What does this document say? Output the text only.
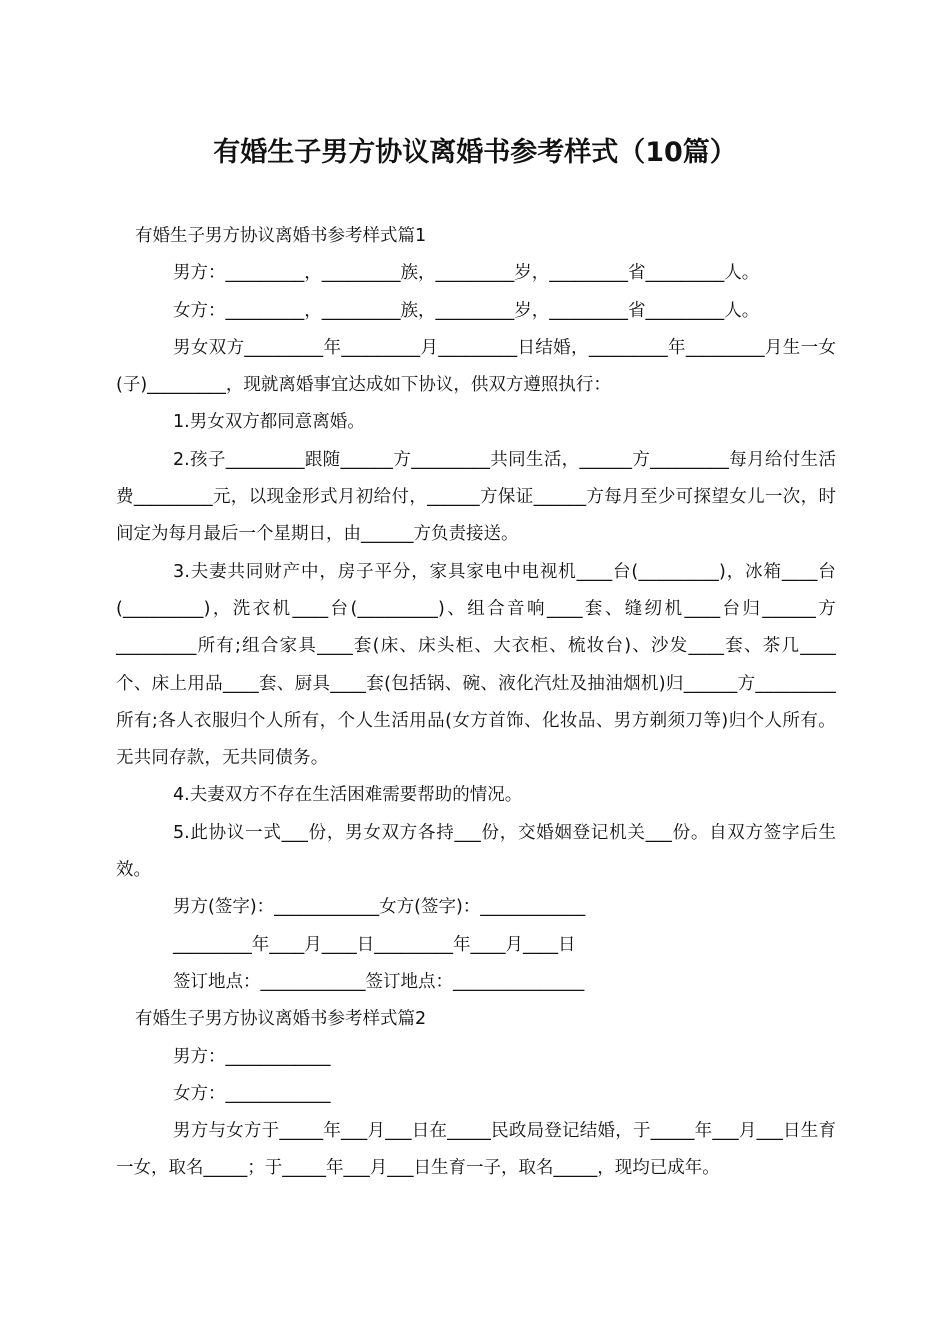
有婚生子男方协议离婚书参考样式（10篇）

有婚生子男方协议离婚书参考样式篇1

男方：_________，_________族，_________岁，_________省_________人。

女方：_________，_________族，_________岁，_________省_________人。

男女双方_________年_________月_________日结婚，_________年_________月生一女(子)_________，现就离婚事宜达成如下协议，供双方遵照执行：

1.男女双方都同意离婚。

2.孩子_________跟随______方_________共同生活，______方_________每月给付生活费_________元，以现金形式月初给付，______方保证______方每月至少可探望女儿一次，时间定为每月最后一个星期日，由______方负责接送。

3.夫妻共同财产中，房子平分，家具家电中电视机____台(_________)，冰箱____台(_________)，洗衣机____台(_________)、组合音响____套、缝纫机____台归______方_________所有;组合家具____套(床、床头柜、大衣柜、梳妆台)、沙发____套、茶几____个、床上用品____套、厨具____套(包括锅、碗、液化汽灶及抽油烟机)归______方_________所有;各人衣服归个人所有，个人生活用品(女方首饰、化妆品、男方剃须刀等)归个人所有。无共同存款，无共同债务。

4.夫妻双方不存在生活困难需要帮助的情况。

5.此协议一式___份，男女双方各持___份，交婚姻登记机关___份。自双方签字后生效。

男方(签字)：____________女方(签字)：____________

_________年____月____日_________年____月____日

签订地点：____________签订地点：_______________

有婚生子男方协议离婚书参考样式篇2

男方：____________

女方：____________

男方与女方于_____年___月___日在_____民政局登记结婚，于_____年___月___日生育一女，取名_____；于_____年___月___日生育一子，取名_____，现均已成年。
